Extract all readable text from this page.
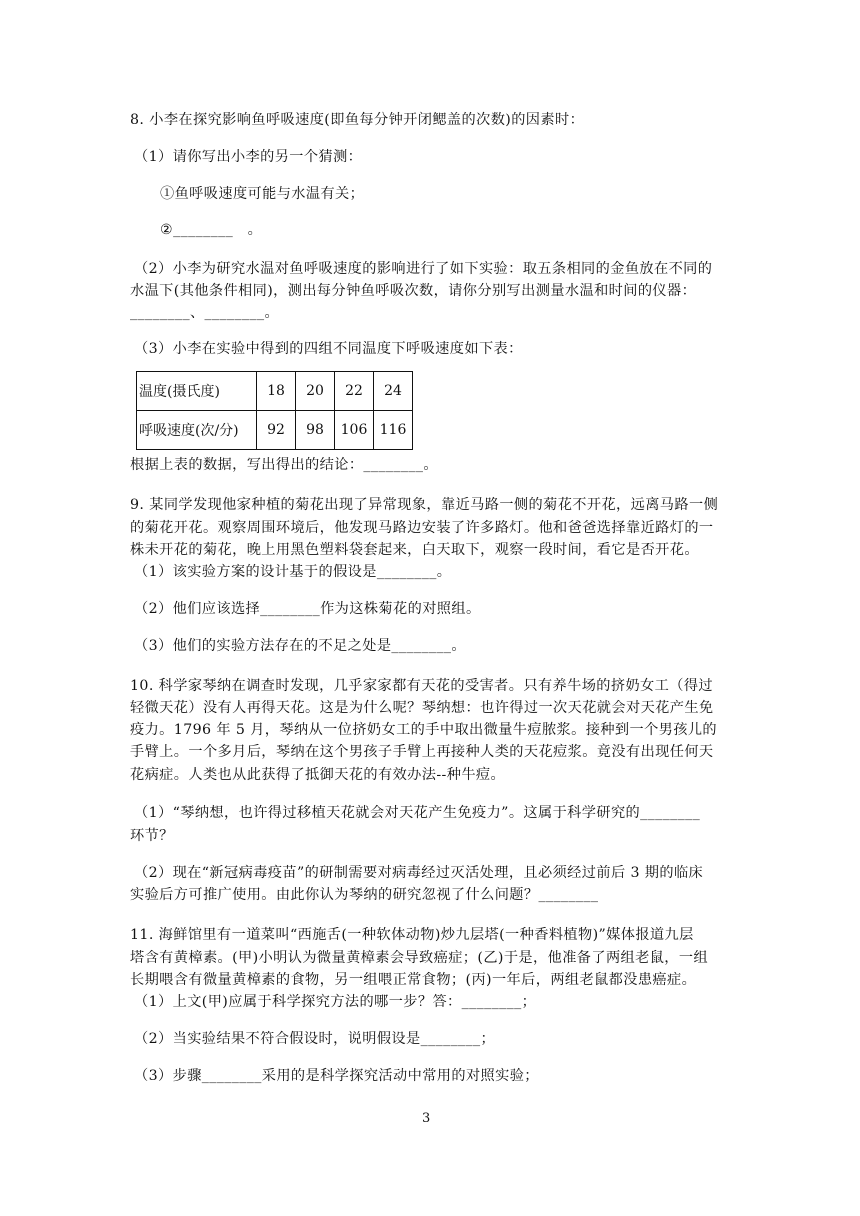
8. 小李在探究影响鱼呼吸速度(即鱼每分钟开闭鳃盖的次数)的因素时：
（1）请你写出小李的另一个猜测：
①鱼呼吸速度可能与水温有关；
②________　。
（2）小李为研究水温对鱼呼吸速度的影响进行了如下实验：取五条相同的金鱼放在不同的
水温下(其他条件相同)，测出每分钟鱼呼吸次数，请你分别写出测量水温和时间的仪器：
________、________。
（3）小李在实验中得到的四组不同温度下呼吸速度如下表：
温度(摄氏度)	18	20	22	24
呼吸速度(次/分)	92	98	106	116
根据上表的数据，写出得出的结论：________。
9. 某同学发现他家种植的菊花出现了异常现象，靠近马路一侧的菊花不开花，远离马路一侧
的菊花开花。观察周围环境后，他发现马路边安装了许多路灯。他和爸爸选择靠近路灯的一
株未开花的菊花，晚上用黑色塑料袋套起来，白天取下，观察一段时间，看它是否开花。
（1）该实验方案的设计基于的假设是________。
（2）他们应该选择________作为这株菊花的对照组。
（3）他们的实验方法存在的不足之处是________。
10. 科学家琴纳在调查时发现，几乎家家都有天花的受害者。只有养牛场的挤奶女工（得过
轻微天花）没有人再得天花。这是为什么呢？琴纳想：也许得过一次天花就会对天花产生免
疫力。1796 年 5 月，琴纳从一位挤奶女工的手中取出微量牛痘脓浆。接种到一个男孩儿的
手臂上。一个多月后，琴纳在这个男孩子手臂上再接种人类的天花痘浆。竟没有出现任何天
花病症。人类也从此获得了抵御天花的有效办法--种牛痘。
（1）“琴纳想，也许得过移植天花就会对天花产生免疫力”。这属于科学研究的________
环节？
（2）现在“新冠病毒疫苗”的研制需要对病毒经过灭活处理，且必须经过前后 3 期的临床
实验后方可推广使用。由此你认为琴纳的研究忽视了什么问题？________
11. 海鲜馆里有一道菜叫“西施舌(一种软体动物)炒九层塔(一种香料植物)”媒体报道九层
塔含有黄樟素。(甲)小明认为微量黄樟素会导致癌症；(乙)于是，他准备了两组老鼠，一组
长期喂含有微量黄樟素的食物，另一组喂正常食物；(丙)一年后，两组老鼠都没患癌症。
（1）上文(甲)应属于科学探究方法的哪一步？答：________；
（2）当实验结果不符合假设时，说明假设是________；
（3）步骤________采用的是科学探究活动中常用的对照实验；
3
